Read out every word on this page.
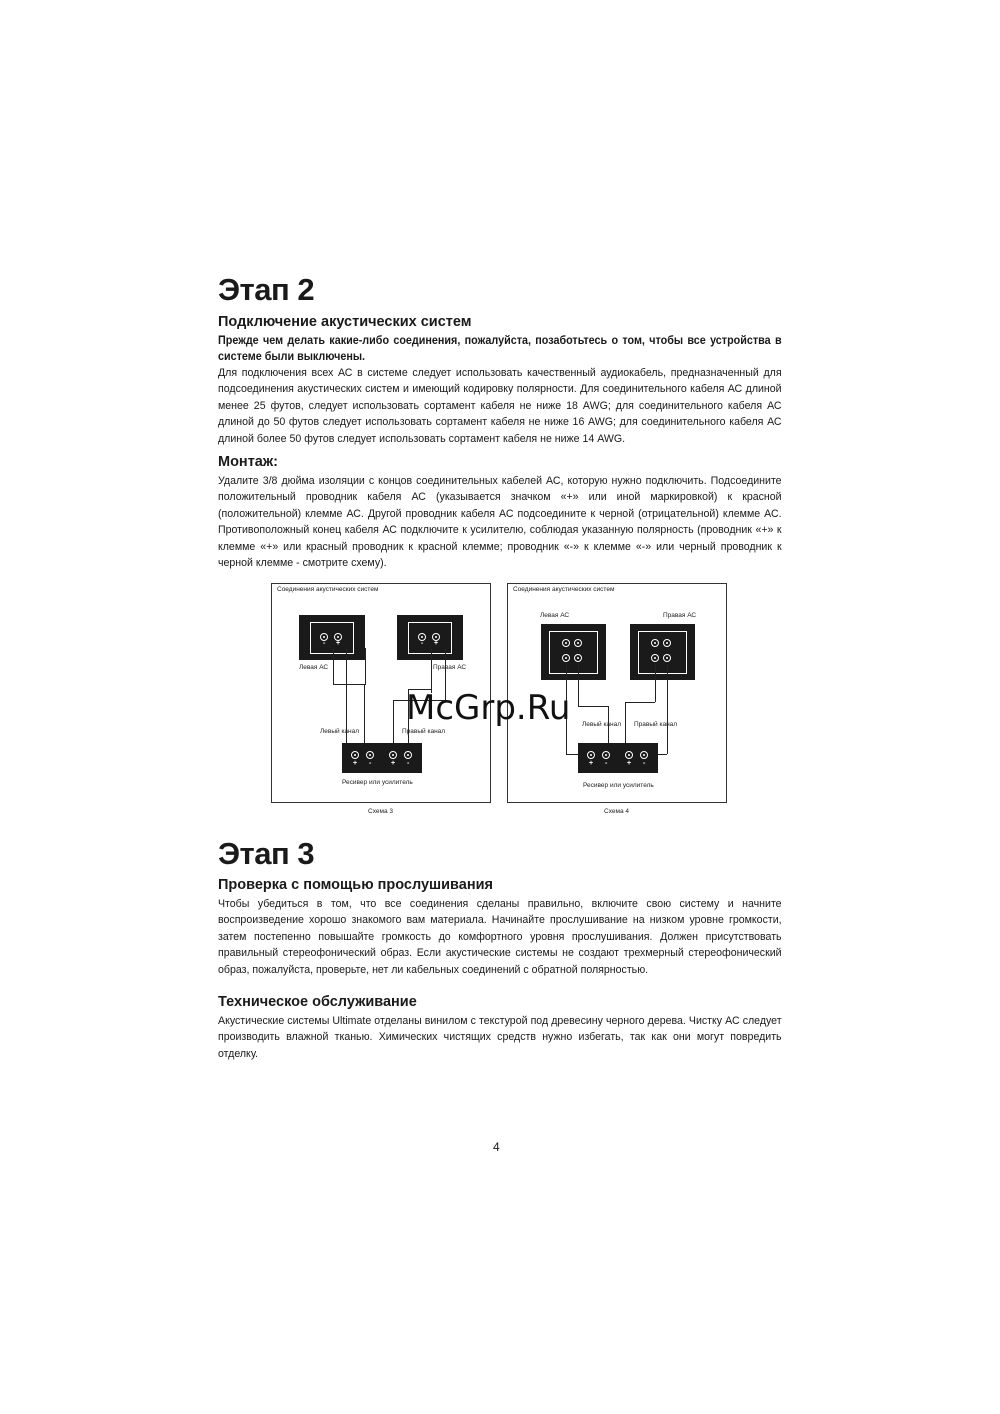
Этап 2
Подключение акустических систем

Прежде чем делать какие-либо соединения, пожалуйста, позаботьтесь о том, чтобы все устройства в системе были выключены.

Для подключения всех АС в системе следует использовать качественный аудиокабель, предназначенный для подсоединения акустических систем и имеющий кодировку полярности. Для соединительного кабеля АС длиной менее 25 футов, следует использовать сортамент кабеля не ниже 18 AWG; для соединительного кабеля АС длиной до 50 футов следует использовать сортамент кабеля не ниже 16 AWG; для соединительного кабеля АС длиной более 50 футов следует использовать сортамент кабеля не ниже 14 AWG.

Монтаж:

Удалите 3/8 дюйма изоляции с концов соединительных кабелей АС, которую нужно подключить. Подсоедините положительный проводник кабеля АС (указывается значком «+» или иной маркировкой) к красной (положительной) клемме АС. Другой проводник кабеля АС подсоедините к черной (отрицательной) клемме АС. Противоположный конец кабеля АС подключите к усилителю, соблюдая указанную полярность (проводник «+» к клемме «+» или красный проводник к красной клемме; проводник «-» к клемме «-» или черный проводник к черной клемме - смотрите схему).

Соединения акустических систем
- +
Левая АС
- +
Правая АС
Левый канал	Правый канал
+ -	+ -
Ресивер или усилитель
Схема 3
Соединения акустических систем
Левая АС	Правая АС
Левый канал Правый канал
+ -	+ -
Ресивер или усилитель
Схема 4
McGrp.Ru
Этап 3
Проверка с помощью прослушивания

Чтобы убедиться в том, что все соединения сделаны правильно, включите свою систему и начните воспроизведение хорошо знакомого вам материала. Начинайте прослушивание на низком уровне громкости, затем постепенно повышайте громкость до комфортного уровня прослушивания. Должен присутствовать правильный стереофонический образ. Если акустические системы не создают трехмерный стереофонический образ, пожалуйста, проверьте, нет ли кабельных соединений с обратной полярностью.

Техническое обслуживание

Акустические системы Ultimate отделаны винилом с текстурой под древесину черного дерева. Чистку АС следует производить влажной тканью. Химических чистящих средств нужно избегать, так как они могут повредить отделку.

4
